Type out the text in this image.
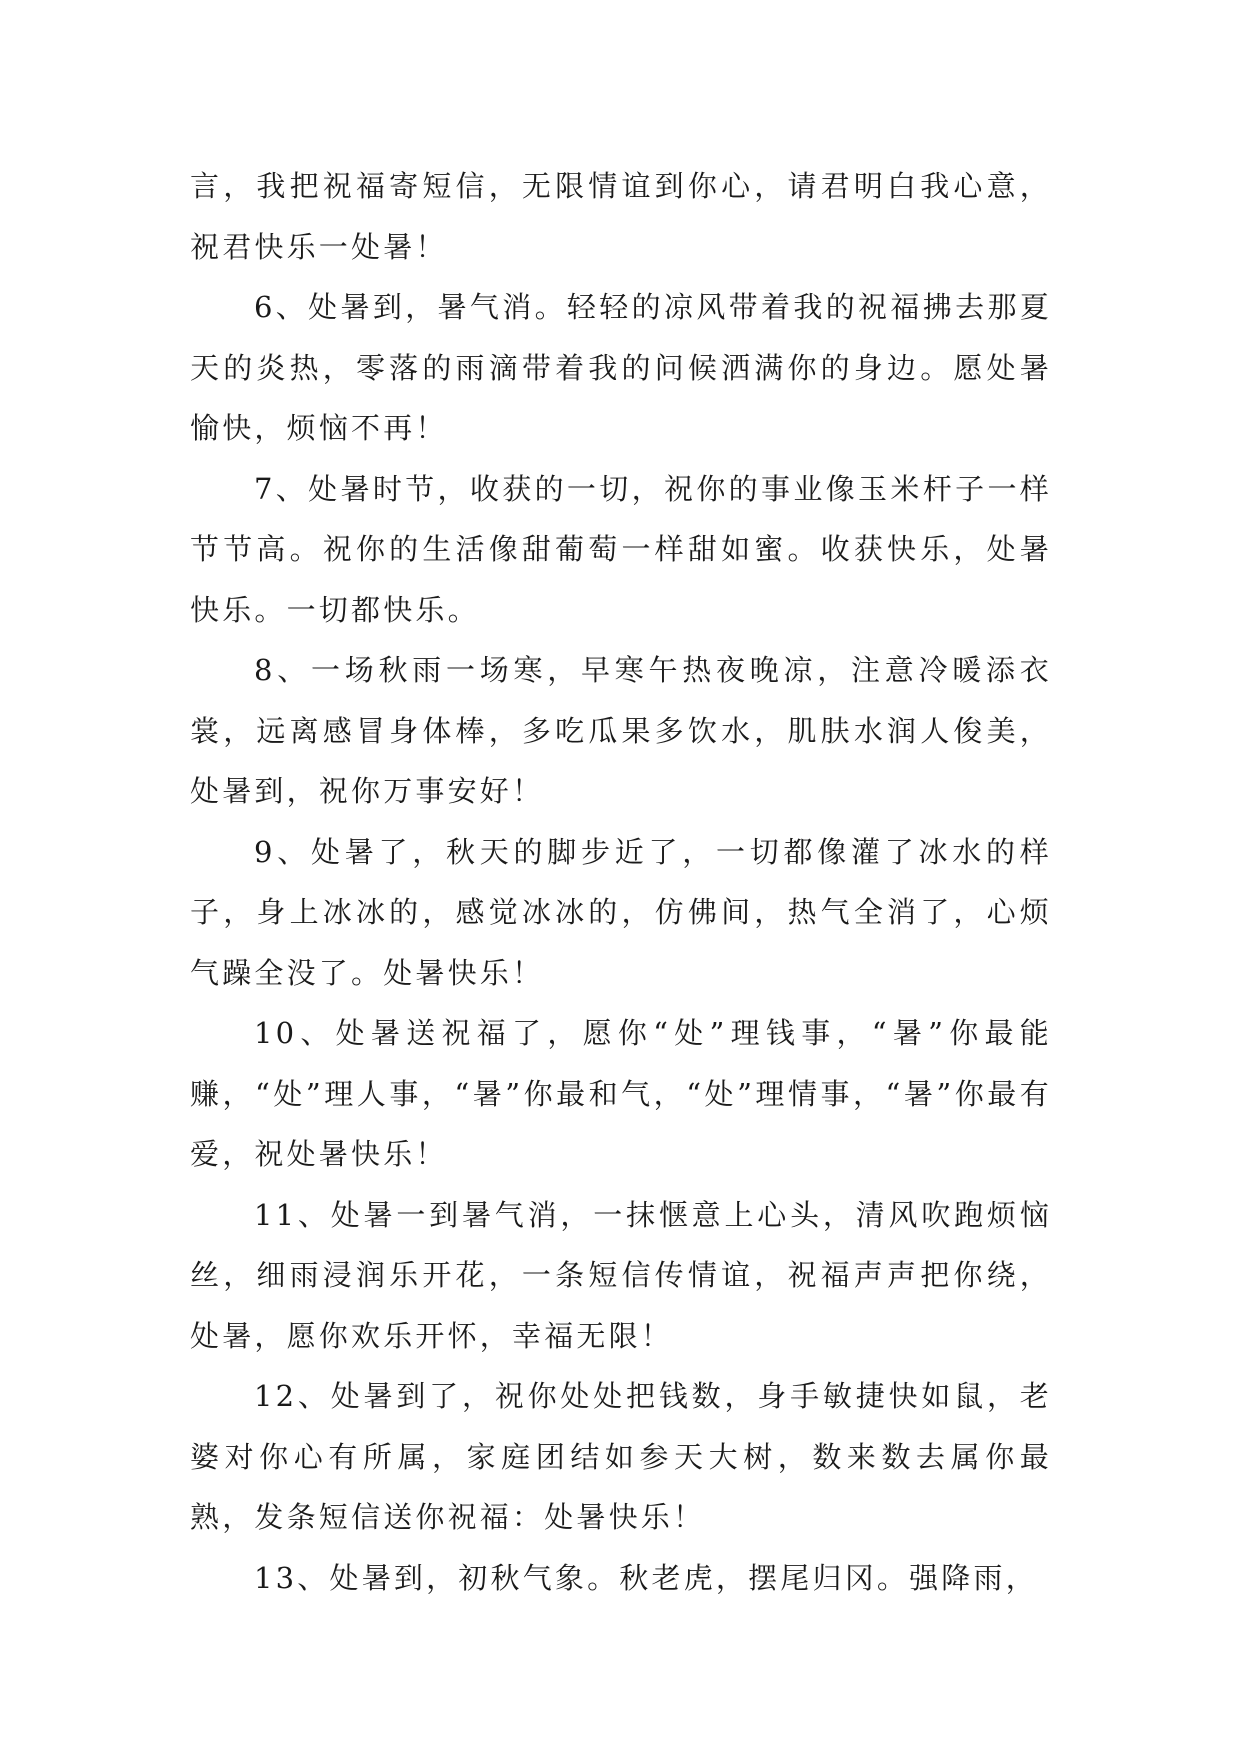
言，我把祝福寄短信，无限情谊到你心，请君明白我心意，祝君快乐一处暑！

6、处暑到，暑气消。轻轻的凉风带着我的祝福拂去那夏天的炎热，零落的雨滴带着我的问候洒满你的身边。愿处暑愉快，烦恼不再！

7、处暑时节，收获的一切，祝你的事业像玉米杆子一样节节高。祝你的生活像甜葡萄一样甜如蜜。收获快乐，处暑快乐。一切都快乐。

8、一场秋雨一场寒，早寒午热夜晚凉，注意冷暖添衣裳，远离感冒身体棒，多吃瓜果多饮水，肌肤水润人俊美，处暑到，祝你万事安好！

9、处暑了，秋天的脚步近了，一切都像灌了冰水的样子，身上冰冰的，感觉冰冰的，仿佛间，热气全消了，心烦气躁全没了。处暑快乐！

10、处暑送祝福了，愿你“处”理钱事，“暑”你最能赚，“处”理人事，“暑”你最和气，“处”理情事，“暑”你最有爱，祝处暑快乐！

11、处暑一到暑气消，一抹惬意上心头，清风吹跑烦恼丝，细雨浸润乐开花，一条短信传情谊，祝福声声把你绕，处暑，愿你欢乐开怀，幸福无限！

12、处暑到了，祝你处处把钱数，身手敏捷快如鼠，老婆对你心有所属，家庭团结如参天大树，数来数去属你最熟，发条短信送你祝福：处暑快乐！

13、处暑到，初秋气象。秋老虎，摆尾归冈。强降雨，
